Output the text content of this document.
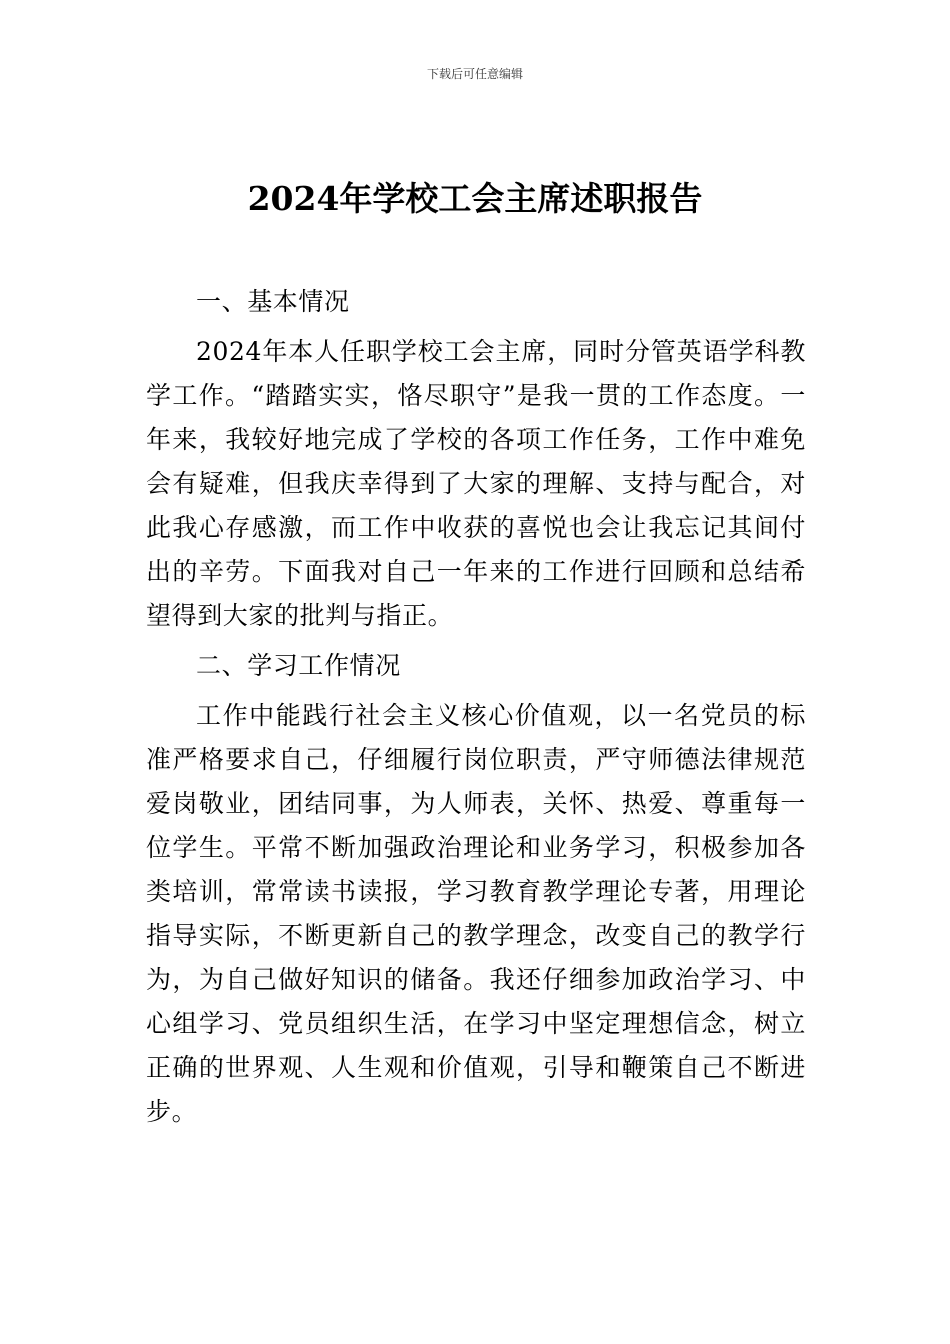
下载后可任意编辑
2024年学校工会主席述职报告

一、基本情况

2024年本人任职学校工会主席，同时分管英语学科教学工作。“踏踏实实，恪尽职守”是我一贯的工作态度。一年来，我较好地完成了学校的各项工作任务，工作中难免会有疑难，但我庆幸得到了大家的理解、支持与配合，对此我心存感激，而工作中收获的喜悦也会让我忘记其间付出的辛劳。下面我对自己一年来的工作进行回顾和总结希望得到大家的批判与指正。

二、学习工作情况

工作中能践行社会主义核心价值观，以一名党员的标准严格要求自己，仔细履行岗位职责，严守师德法律规范爱岗敬业，团结同事，为人师表，关怀、热爱、尊重每一位学生。平常不断加强政治理论和业务学习，积极参加各类培训，常常读书读报，学习教育教学理论专著，用理论指导实际，不断更新自己的教学理念，改变自己的教学行为，为自己做好知识的储备。我还仔细参加政治学习、中心组学习、党员组织生活，在学习中坚定理想信念，树立正确的世界观、人生观和价值观，引导和鞭策自己不断进步。
